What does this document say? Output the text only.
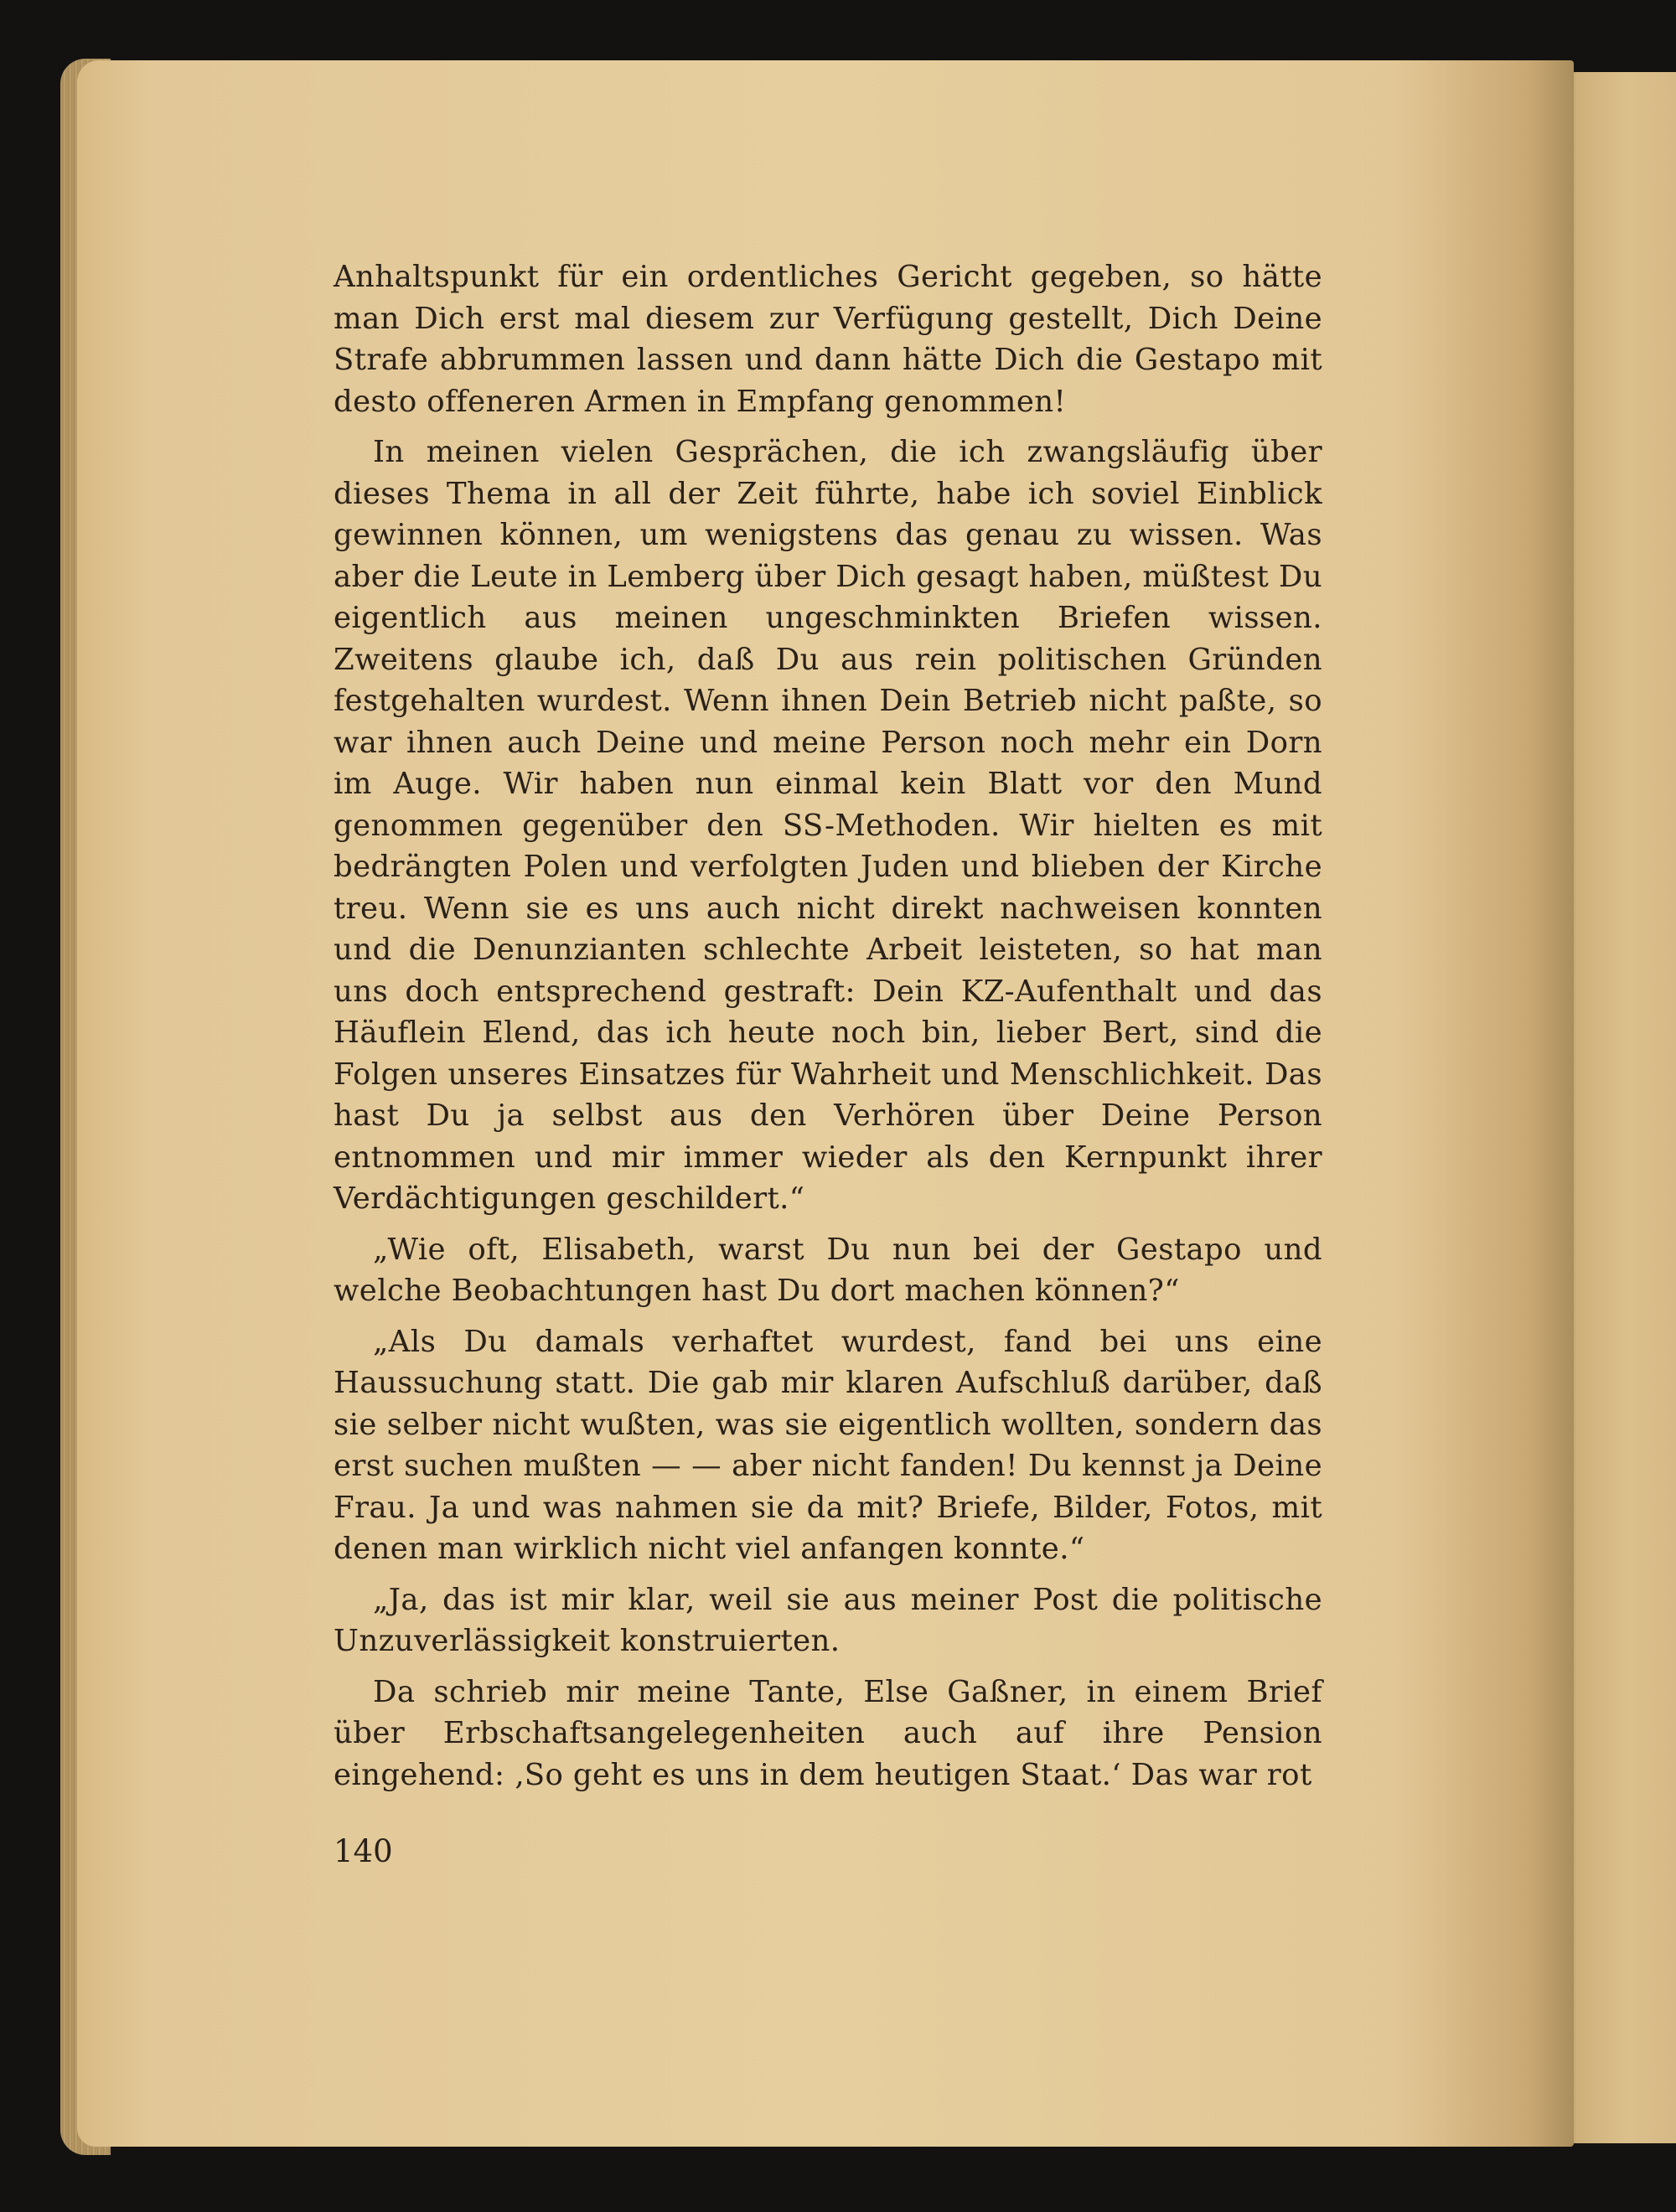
Anhaltspunkt für ein ordentliches Gericht gegeben, so hätte man Dich erst mal diesem zur Verfügung gestellt, Dich Deine Strafe abbrummen lassen und dann hätte Dich die Gestapo mit desto offeneren Armen in Empfang genommen!

In meinen vielen Gesprächen, die ich zwangsläufig über dieses Thema in all der Zeit führte, habe ich soviel Einblick gewinnen können, um wenigstens das genau zu wissen. Was aber die Leute in Lemberg über Dich gesagt haben, müßtest Du eigentlich aus meinen ungeschminkten Briefen wissen. Zweitens glaube ich, daß Du aus rein politischen Gründen festgehalten wurdest. Wenn ihnen Dein Betrieb nicht paßte, so war ihnen auch Deine und meine Person noch mehr ein Dorn im Auge. Wir haben nun einmal kein Blatt vor den Mund genommen gegenüber den SS-Methoden. Wir hielten es mit bedrängten Polen und verfolgten Juden und blieben der Kirche treu. Wenn sie es uns auch nicht direkt nachweisen konnten und die Denunzianten schlechte Arbeit leisteten, so hat man uns doch entsprechend gestraft: Dein KZ-Aufenthalt und das Häuflein Elend, das ich heute noch bin, lieber Bert, sind die Folgen unseres Einsatzes für Wahrheit und Menschlichkeit. Das hast Du ja selbst aus den Verhören über Deine Person entnommen und mir immer wieder als den Kernpunkt ihrer Verdächtigungen geschildert.“

„Wie oft, Elisabeth, warst Du nun bei der Gestapo und welche Beobachtungen hast Du dort machen können?“

„Als Du damals verhaftet wurdest, fand bei uns eine Haussuchung statt. Die gab mir klaren Aufschluß darüber, daß sie selber nicht wußten, was sie eigentlich wollten, sondern das erst suchen mußten — — aber nicht fanden! Du kennst ja Deine Frau. Ja und was nahmen sie da mit? Briefe, Bilder, Fotos, mit denen man wirklich nicht viel anfangen konnte.“

„Ja, das ist mir klar, weil sie aus meiner Post die politische Unzuverlässigkeit konstruierten.

Da schrieb mir meine Tante, Else Gaßner, in einem Brief über Erbschaftsangelegenheiten auch auf ihre Pension eingehend: ‚So geht es uns in dem heutigen Staat.‘ Das war rot

140
